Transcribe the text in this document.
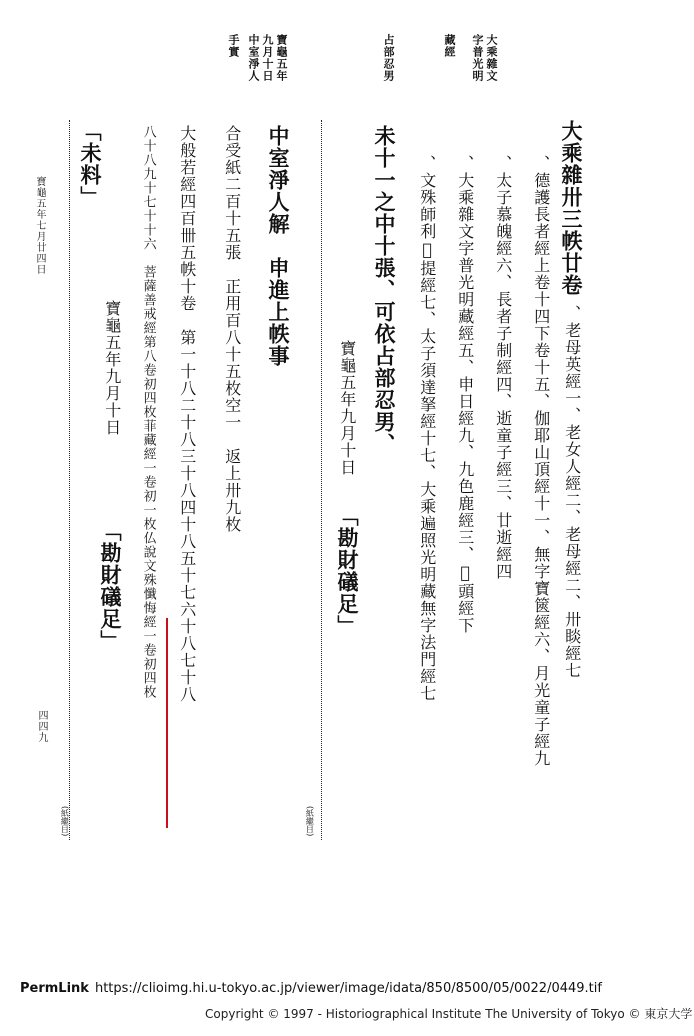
大乘雜文
字普光明
藏經
占部忍男
寶龜五年
九月十日
中室淨人
手實
大乘雜卅三帙廿卷
、老母英經一、老女人經二、老母經二、卅睒經七
、德護長者經上卷十四下卷十五、伽耶山頂經十一、無字寶篋經六、月光童子經九
、太子慕魄經六、長者子制經四、逝童子經三、廿逝經四
、大乘雜文字普光明藏經五、申日經九、九色鹿經三、𤆕頭經下
、文殊師利𦵔提經七、太子須達拏經十七、大乘遍照光明藏無字法門經七
未十一之中十張、可依占部忍男、
寶龜五年九月十日
「勘財礒足」
(紙繼目)
中室淨人解　申進上帙事
合受紙二百十五張　正用百八十五枚空一　返上卅九枚
大般若經四百卌五帙十卷　第一十八二十八三十八四十八五十七六十八七十八
八十八九十七十十六　菩薩善戒經第八卷初四枚菲藏經一卷初一枚仏說文殊懺悔經一卷初四枚
寶龜五年九月十日
「勘財礒足」
「未料」
(紙繼目)
寶龜五年七月廿四日
四四九
PermLink https://clioimg.hi.u-tokyo.ac.jp/viewer/image/idata/850/8500/05/0022/0449.tif
Copyright © 1997 - Historiographical Institute The University of Tokyo © 東京大学
